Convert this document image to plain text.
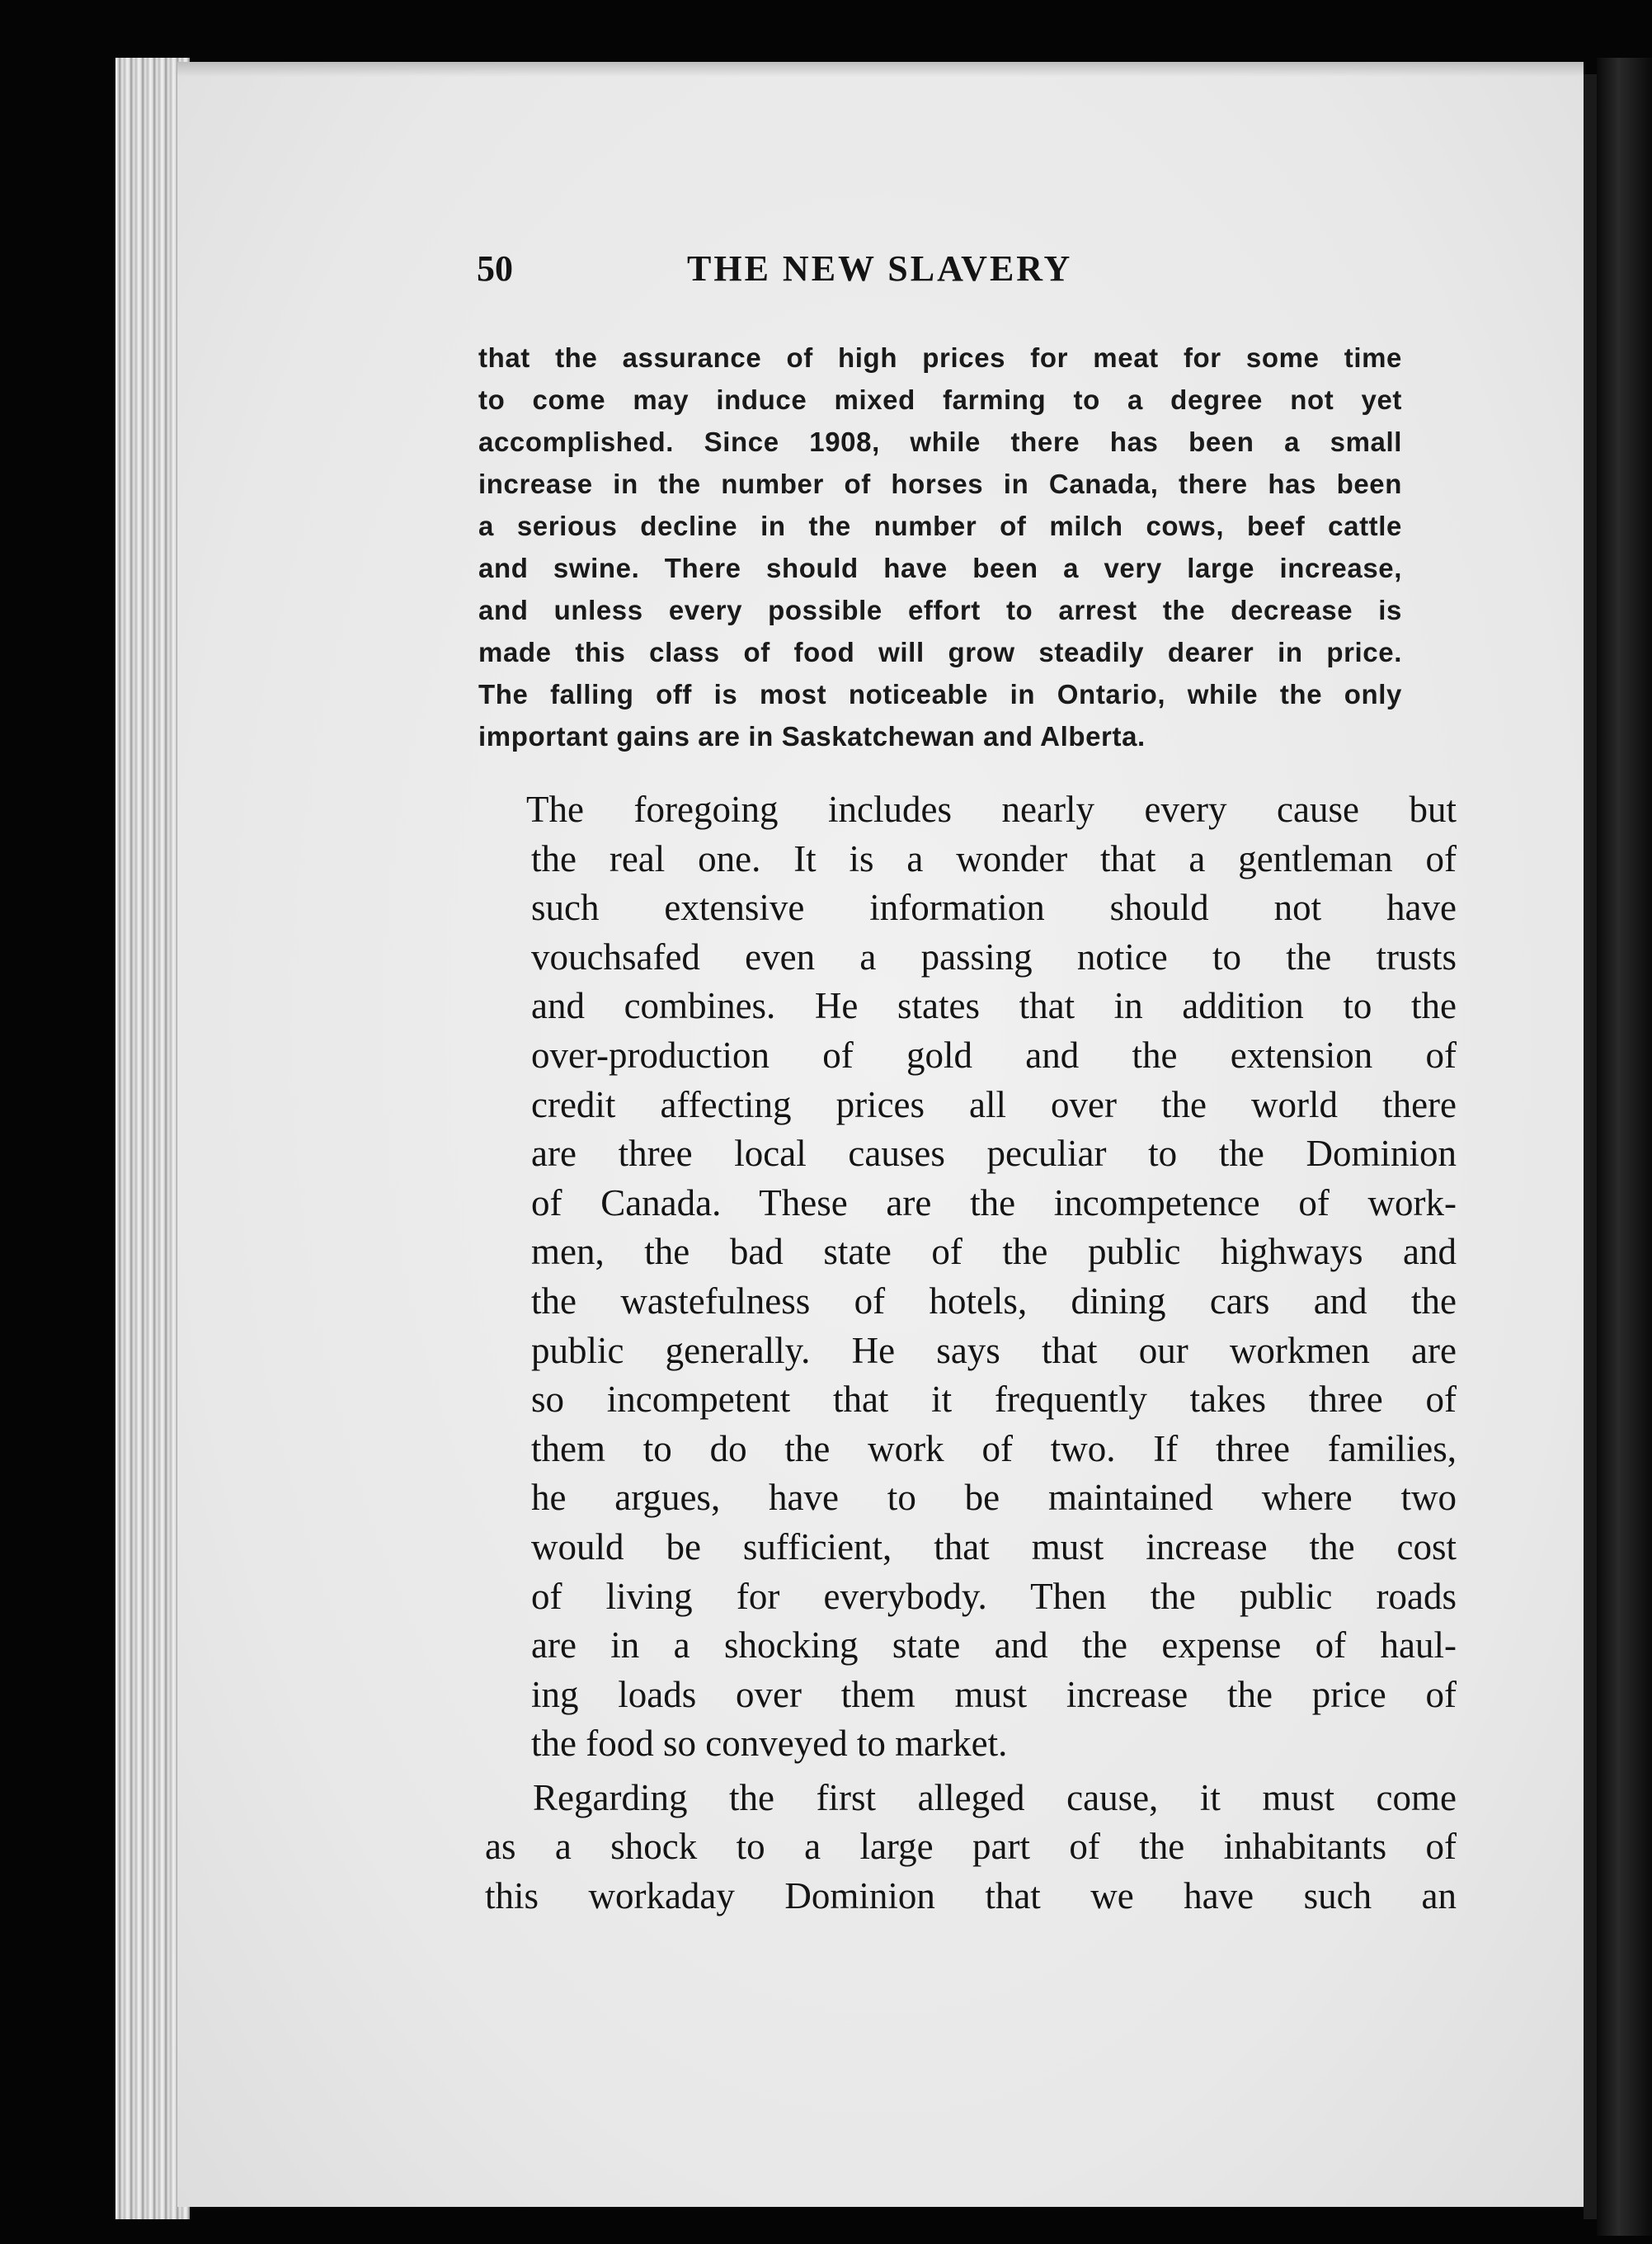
50	THE NEW SLAVERY
that the assurance of high prices for meat for some time
to come may induce mixed farming to a degree not yet
accomplished. Since 1908, while there has been a small
increase in the number of horses in Canada, there has been
a serious decline in the number of milch cows, beef cattle
and swine. There should have been a very large increase,
and unless every possible effort to arrest the decrease is
made this class of food will grow steadily dearer in price.
The falling off is most noticeable in Ontario, while the only
important gains are in Saskatchewan and Alberta.
The foregoing includes nearly every cause but
the real one. It is a wonder that a gentleman of
such extensive information should not have
vouchsafed even a passing notice to the trusts
and combines. He states that in addition to the
over-production of gold and the extension of
credit affecting prices all over the world there
are three local causes peculiar to the Dominion
of Canada. These are the incompetence of work-
men, the bad state of the public highways and
the wastefulness of hotels, dining cars and the
public generally. He says that our workmen are
so incompetent that it frequently takes three of
them to do the work of two. If three families,
he argues, have to be maintained where two
would be sufficient, that must increase the cost
of living for everybody. Then the public roads
are in a shocking state and the expense of haul-
ing loads over them must increase the price of
the food so conveyed to market.
Regarding the first alleged cause, it must come
as a shock to a large part of the inhabitants of
this workaday Dominion that we have such an
